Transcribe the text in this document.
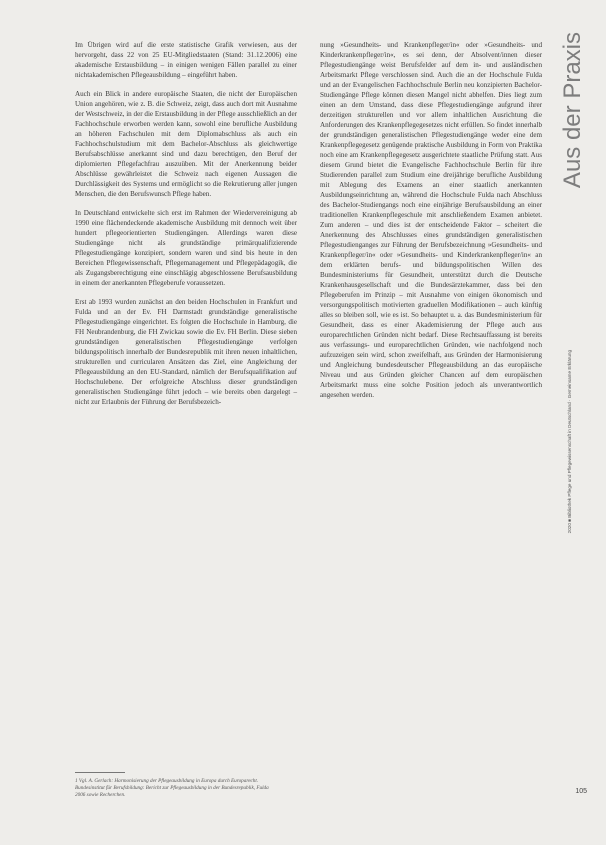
Im Übrigen wird auf die erste statistische Grafik verwiesen, aus der hervorgeht, dass 22 von 25 EU-Mitgliedstaaten (Stand: 31.12.2006) eine akademische Erstausbildung – in einigen wenigen Fällen parallel zu einer nichtakademischen Pflegeausbildung – eingeführt haben.

Auch ein Blick in andere europäische Staaten, die nicht der Europäischen Union angehören, wie z. B. die Schweiz, zeigt, dass auch dort mit Ausnahme der Westschweiz, in der die Erstausbildung in der Pflege ausschließlich an der Fachhochschule erworben werden kann, sowohl eine berufliche Ausbildung an höheren Fachschulen mit dem Diplomabschluss als auch ein Fachhochschulstudium mit dem Bachelor-Abschluss als gleichwertige Berufsabschlüsse anerkannt sind und dazu berechtigen, den Beruf der diplomierten Pflegefachfrau auszuüben. Mit der Anerkennung beider Abschlüsse gewährleistet die Schweiz nach eigenen Aussagen die Durchlässigkeit des Systems und ermöglicht so die Rekrutierung aller jungen Menschen, die den Berufswunsch Pflege haben.

In Deutschland entwickelte sich erst im Rahmen der Wiedervereinigung ab 1990 eine flächendeckende akademische Ausbildung mit dennoch weit über hundert pflegeorientierten Studiengängen. Allerdings waren diese Studiengänge nicht als grundständige primärqualifizierende Pflegestudiengänge konzipiert, sondern waren und sind bis heute in den Bereichen Pflegewissenschaft, Pflegemanagement und Pflegepädagogik, die als Zugangsberechtigung eine einschlägig abgeschlossene Berufsausbildung in einem der anerkannten Pflegeberufe voraussetzen.

Erst ab 1993 wurden zunächst an den beiden Hochschulen in Frankfurt und Fulda und an der Ev. FH Darmstadt grundständige generalistische Pflegestudiengänge eingerichtet. Es folgten die Hochschule in Hamburg, die FH Neubrandenburg, die FH Zwickau sowie die Ev. FH Berlin. Diese sieben grundständigen generalistischen Pflegestudiengänge verfolgen bildungspolitisch innerhalb der Bundesrepublik mit ihren neuen inhaltlichen, strukturellen und curricularen Ansätzen das Ziel, eine Angleichung der Pflegeausbildung an den EU-Standard, nämlich der Berufsqualifikation auf Hochschulebene. Der erfolgreiche Abschluss dieser grundständigen generalistischen Studiengänge führt jedoch – wie bereits oben dargelegt – nicht zur Erlaubnis der Führung der Berufsbezeich-

nung »Gesundheits- und Krankenpfleger/in« oder »Gesundheits- und Kinderkrankenpfleger/in«, es sei denn, der Absolvent/innen dieser Pflegestudiengänge weist Berufsfelder auf dem in- und ausländischen Arbeitsmarkt Pflege verschlossen sind. Auch die an der Hochschule Fulda und an der Evangelischen Fachhochschule Berlin neu konzipierten Bachelor-Studiengänge Pflege können diesen Mangel nicht abhelfen. Dies liegt zum einen an dem Umstand, dass diese Pflegestudiengänge aufgrund ihrer derzeitigen strukturellen und vor allem inhaltlichen Ausrichtung die Anforderungen des Krankenpflegegesetzes nicht erfüllen. So findet innerhalb der grundständigen generalistischen Pflegestudiengänge weder eine dem Krankenpflegegesetz genügende praktische Ausbildung in Form von Praktika noch eine am Krankenpflegegesetz ausgerichtete staatliche Prüfung statt. Aus diesem Grund bietet die Evangelische Fachhochschule Berlin für ihre Studierenden parallel zum Studium eine dreijährige berufliche Ausbildung mit Ablegung des Examens an einer staatlich anerkannten Ausbildungseinrichtung an, während die Hochschule Fulda nach Abschluss des Bachelor-Studiengangs noch eine einjährige Berufsausbildung an einer traditionellen Krankenpflegeschule mit anschließendem Examen anbietet. Zum anderen – und dies ist der entscheidende Faktor – scheitert die Anerkennung des Abschlusses eines grundständigen generalistischen Pflegestudienganges zur Führung der Berufsbezeichnung »Gesundheits- und Krankenpfleger/in« oder »Gesundheits- und Kinderkrankenpfleger/in« an dem erklärten berufs- und bildungspolitischen Willen des Bundesministeriums für Gesundheit, unterstützt durch die Deutsche Krankenhausgesellschaft und die Bundesärztekammer, dass bei den Pflegeberufen im Prinzip – mit Ausnahme von einigen ökonomisch und versorgungspolitisch motivierten graduellen Modifikationen – auch künftig alles so bleiben soll, wie es ist. So behauptet u. a. das Bundesministerium für Gesundheit, dass es einer Akademisierung der Pflege auch aus europarechtlichen Gründen nicht bedarf. Diese Rechtsauffassung ist bereits aus verfassungs- und europarechtlichen Gründen, wie nachfolgend noch aufzuzeigen sein wird, schon zweifelhaft, aus Gründen der Harmonisierung und Angleichung bundesdeutscher Pflegeausbildung an das europäische Niveau und aus Gründen gleicher Chancen auf dem europäischen Arbeitsmarkt muss eine solche Position jedoch als unverantwortlich angesehen werden.

1 Vgl. A. Gerlach: Harmonisierung der Pflegeausbildung in Europa durch Europarecht. Bundesinstitut für Berufsbildung: Bericht zur Pflegeausbildung in der Bundesrepublik, Fulda 2006 sowie Recherchen.
Aus der Praxis
2020 ■ Bibliothek Pflege und Pflegewissenschaft in Deutschland · Gemeinsame Erklärung
105
